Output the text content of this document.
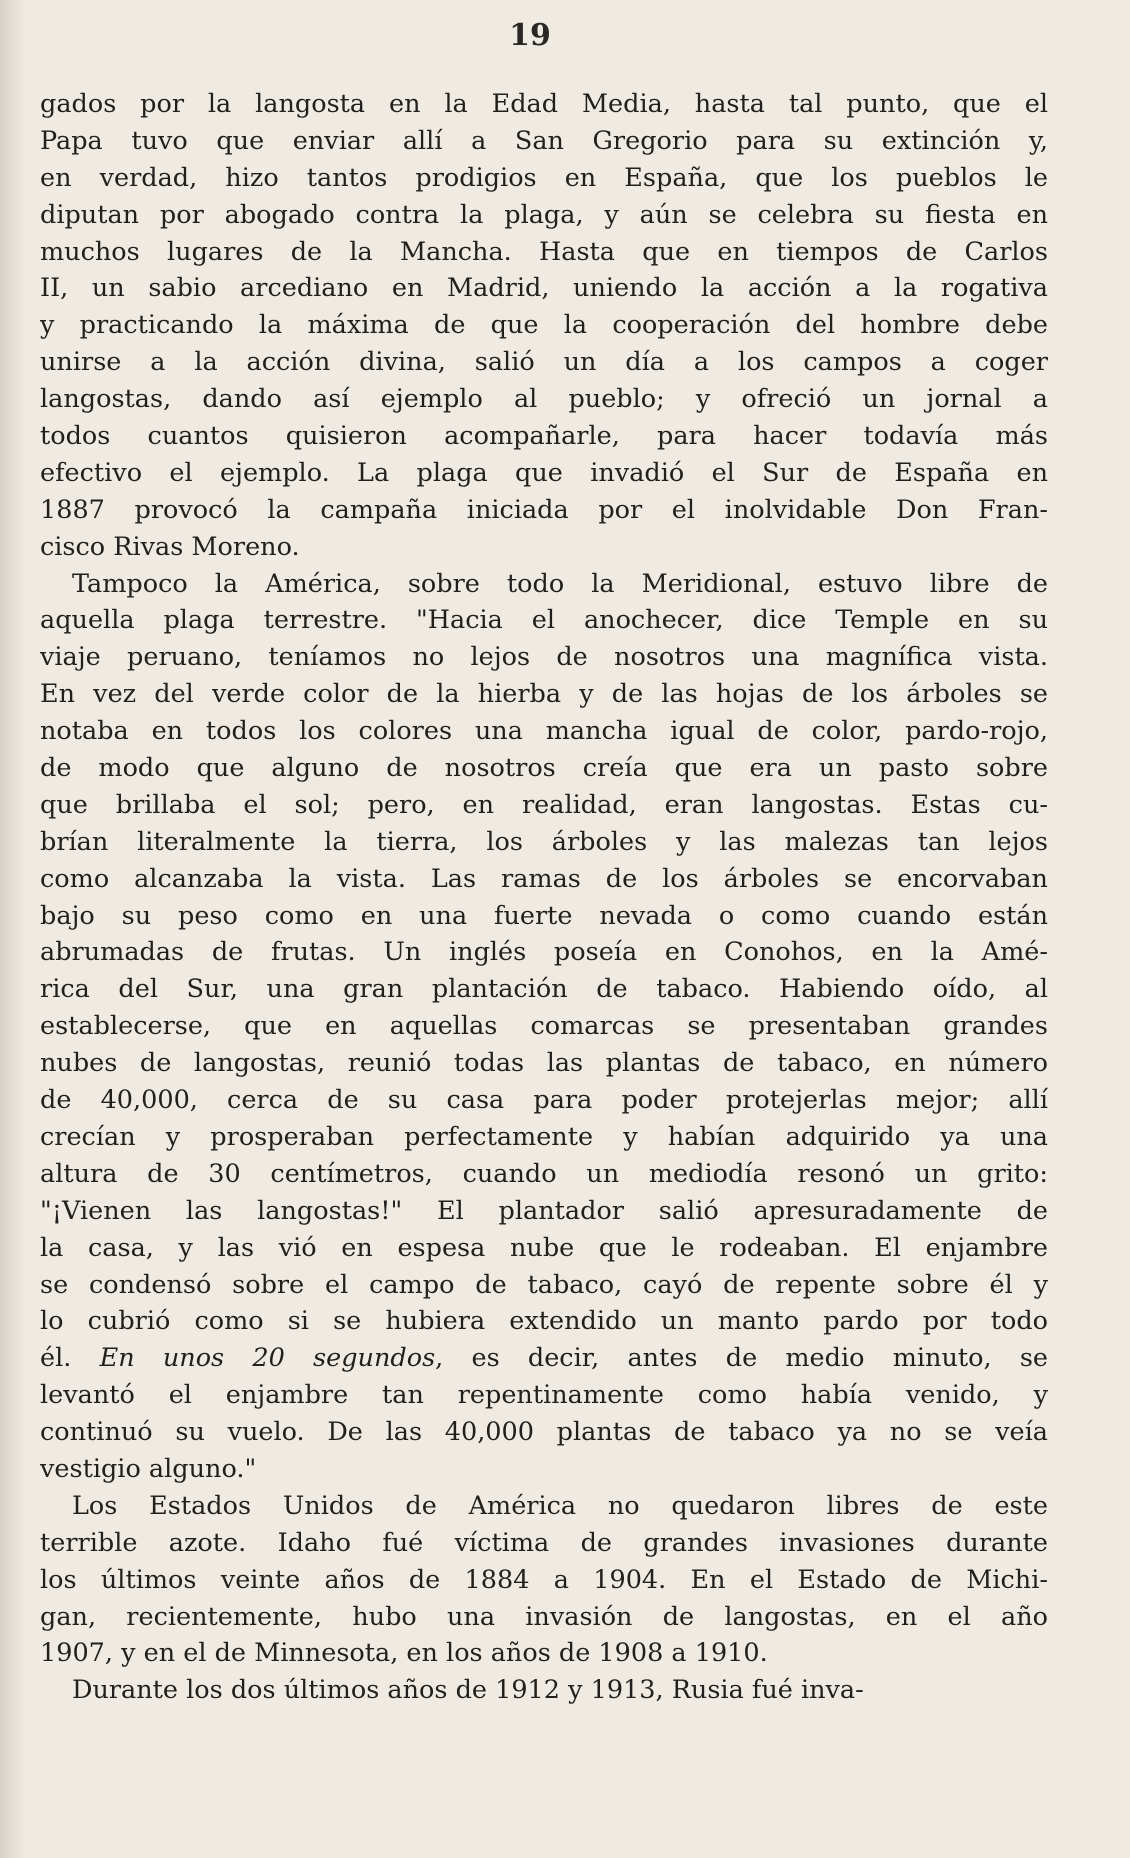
19
gados por la langosta en la Edad Media, hasta tal punto, que el
Papa tuvo que enviar allí a San Gregorio para su extinción y,
en verdad, hizo tantos prodigios en España, que los pueblos le
diputan por abogado contra la plaga, y aún se celebra su fiesta en
muchos lugares de la Mancha. Hasta que en tiempos de Carlos
II, un sabio arcediano en Madrid, uniendo la acción a la rogativa
y practicando la máxima de que la cooperación del hombre debe
unirse a la acción divina, salió un día a los campos a coger
langostas, dando así ejemplo al pueblo; y ofreció un jornal a
todos cuantos quisieron acompañarle, para hacer todavía más
efectivo el ejemplo. La plaga que invadió el Sur de España en
1887 provocó la campaña iniciada por el inolvidable Don Fran-
cisco Rivas Moreno.
Tampoco la América, sobre todo la Meridional, estuvo libre de
aquella plaga terrestre. "Hacia el anochecer, dice Temple en su
viaje peruano, teníamos no lejos de nosotros una magnífica vista.
En vez del verde color de la hierba y de las hojas de los árboles se
notaba en todos los colores una mancha igual de color, pardo-rojo,
de modo que alguno de nosotros creía que era un pasto sobre
que brillaba el sol; pero, en realidad, eran langostas. Estas cu-
brían literalmente la tierra, los árboles y las malezas tan lejos
como alcanzaba la vista. Las ramas de los árboles se encorvaban
bajo su peso como en una fuerte nevada o como cuando están
abrumadas de frutas. Un inglés poseía en Conohos, en la Amé-
rica del Sur, una gran plantación de tabaco. Habiendo oído, al
establecerse, que en aquellas comarcas se presentaban grandes
nubes de langostas, reunió todas las plantas de tabaco, en número
de 40,000, cerca de su casa para poder protejerlas mejor; allí
crecían y prosperaban perfectamente y habían adquirido ya una
altura de 30 centímetros, cuando un mediodía resonó un grito:
"¡Vienen las langostas!" El plantador salió apresuradamente de
la casa, y las vió en espesa nube que le rodeaban. El enjambre
se condensó sobre el campo de tabaco, cayó de repente sobre él y
lo cubrió como si se hubiera extendido un manto pardo por todo
él. En unos 20 segundos, es decir, antes de medio minuto, se
levantó el enjambre tan repentinamente como había venido, y
continuó su vuelo. De las 40,000 plantas de tabaco ya no se veía
vestigio alguno."
Los Estados Unidos de América no quedaron libres de este
terrible azote. Idaho fué víctima de grandes invasiones durante
los últimos veinte años de 1884 a 1904. En el Estado de Michi-
gan, recientemente, hubo una invasión de langostas, en el año
1907, y en el de Minnesota, en los años de 1908 a 1910.
Durante los dos últimos años de 1912 y 1913, Rusia fué inva-
